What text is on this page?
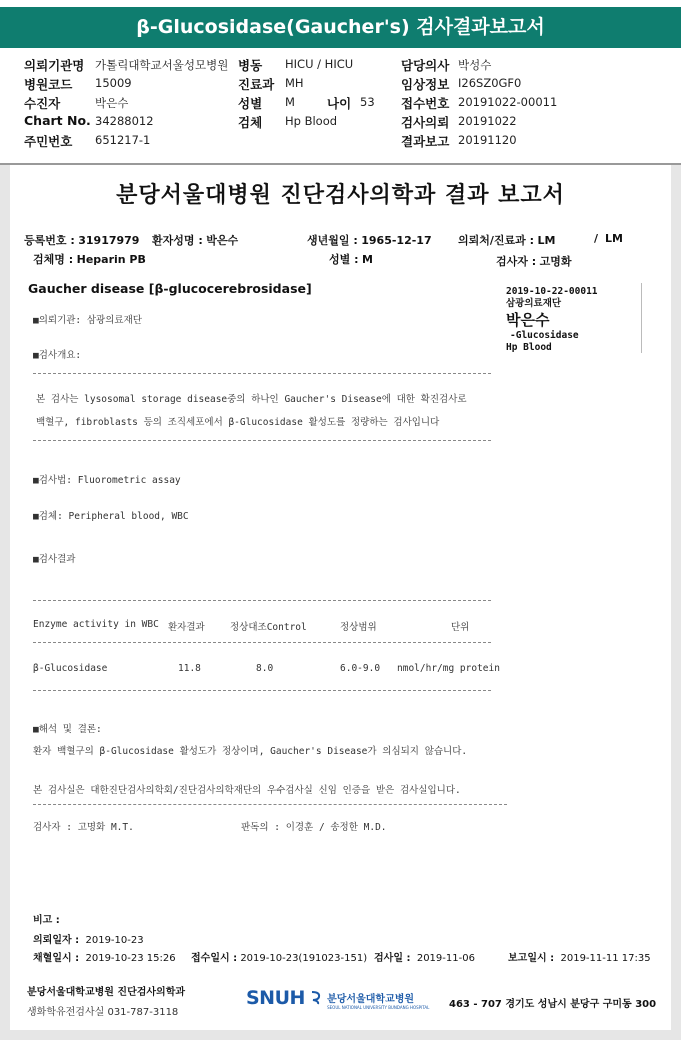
β-Glucosidase(Gaucher's) 검사결과보고서
의뢰기관명 가톨릭대학교서울성모병원 병동 HICU / HICU	담당의사 박성수
병원코드 15009	진료과 MH	임상정보 I26SZ0GF0
수진자	박은수	성별 M	나이 53 접수번호 20191022-00011
Chart No. 34288012	검체 Hp Blood	검사의뢰 20191022
주민번호 651217-1	결과보고 20191120
분당서울대병원 진단검사의학과 결과 보고서
등록번호 : 31917979 환자성명 : 박은수	생년월일 : 1965-12-17 의뢰처/진료과 : LM	/ LM
검체명 : Heparin PB	성별 : M	검사자 : 고명화
Gaucher disease [β-glucocerebrosidase]	2019-10-22-00011
삼광의료재단
박은수
-Glucosidase
Hp Blood
■의뢰기관: 삼광의료재단
■검사개요:
본 검사는 lysosomal storage disease중의 하나인 Gaucher's Disease에 대한 확진검사로
백혈구, fibroblasts 등의 조직세포에서 β-Glucosidase 활성도를 정량하는 검사입니다
■검사법: Fluorometric assay
■검체: Peripheral blood, WBC
■검사결과
Enzyme activity in WBC 환자결과	정상대조Control	정상범위	단위
β-Glucosidase	11.8	8.0	6.0-9.0 nmol/hr/mg protein
■해석 및 결론:
환자 백혈구의 β-Glucosidase 활성도가 정상이며, Gaucher's Disease가 의심되지 않습니다.
본 검사실은 대한진단검사의학회/진단검사의학재단의 우수검사실 신임 인증을 받은 검사실입니다.
검사자 : 고명화 M.T.	판독의 : 이경훈 / 송정한 M.D.
비고 :
의뢰일자 : 2019-10-23
채혈일시 : 2019-10-23 15:26 접수일시 : 2019-10-23(191023-151) 검사일 : 2019-11-06	보고일시 : 2019-11-11 17:35
분당서울대학교병원 진단검사의학과
생화학유전검사실 031-787-3118
SNUH 분당서울대학교병원
SEOUL NATIONAL UNIVERSITY BUNDANG HOSPITAL 463 - 707 경기도 성남시 분당구 구미동 300
